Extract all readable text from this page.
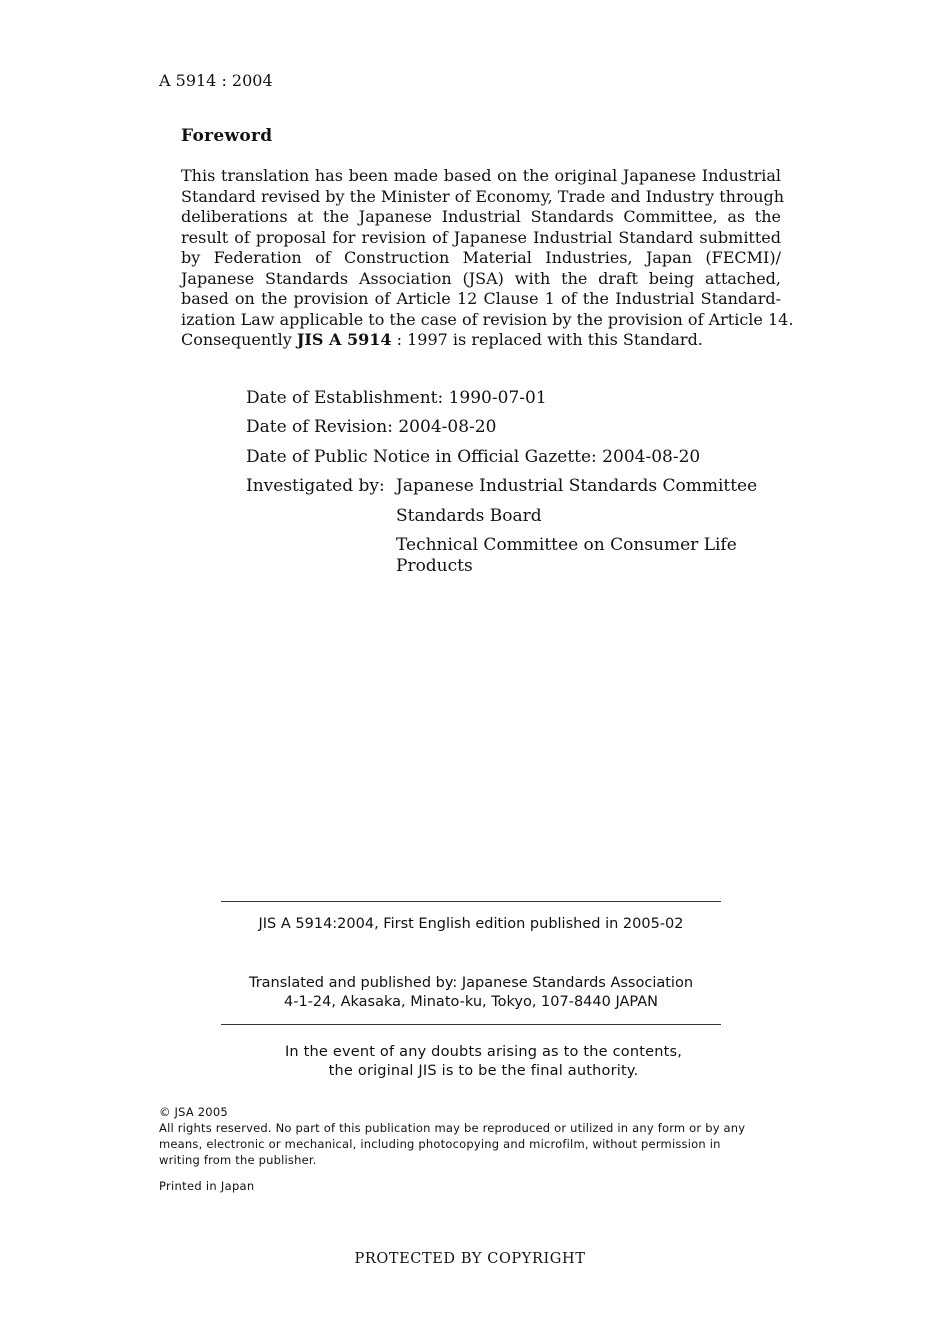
A 5914 : 2004
Foreword
This translation has been made based on the original Japanese Industrial
Standard revised by the Minister of Economy, Trade and Industry through
deliberations at the Japanese Industrial Standards Committee, as the
result of proposal for revision of Japanese Industrial Standard submitted
by Federation of Construction Material Industries, Japan (FECMI)/
Japanese Standards Association (JSA) with the draft being attached,
based on the provision of Article 12 Clause 1 of the Industrial Standard-
ization Law applicable to the case of revision by the provision of Article 14.
Consequently JIS A 5914 : 1997 is replaced with this Standard.
Date of Establishment: 1990-07-01
Date of Revision: 2004-08-20
Date of Public Notice in Official Gazette: 2004-08-20
Investigated by: Japanese Industrial Standards Committee
Standards Board
Technical Committee on Consumer Life
Products
JIS A 5914:2004, First English edition published in 2005-02
Translated and published by: Japanese Standards Association
4-1-24, Akasaka, Minato-ku, Tokyo, 107-8440 JAPAN
In the event of any doubts arising as to the contents,
the original JIS is to be the final authority.
© JSA 2005
All rights reserved. No part of this publication may be reproduced or utilized in any form or by any
means, electronic or mechanical, including photocopying and microfilm, without permission in
writing from the publisher.
Printed in Japan
PROTECTED BY COPYRIGHT
